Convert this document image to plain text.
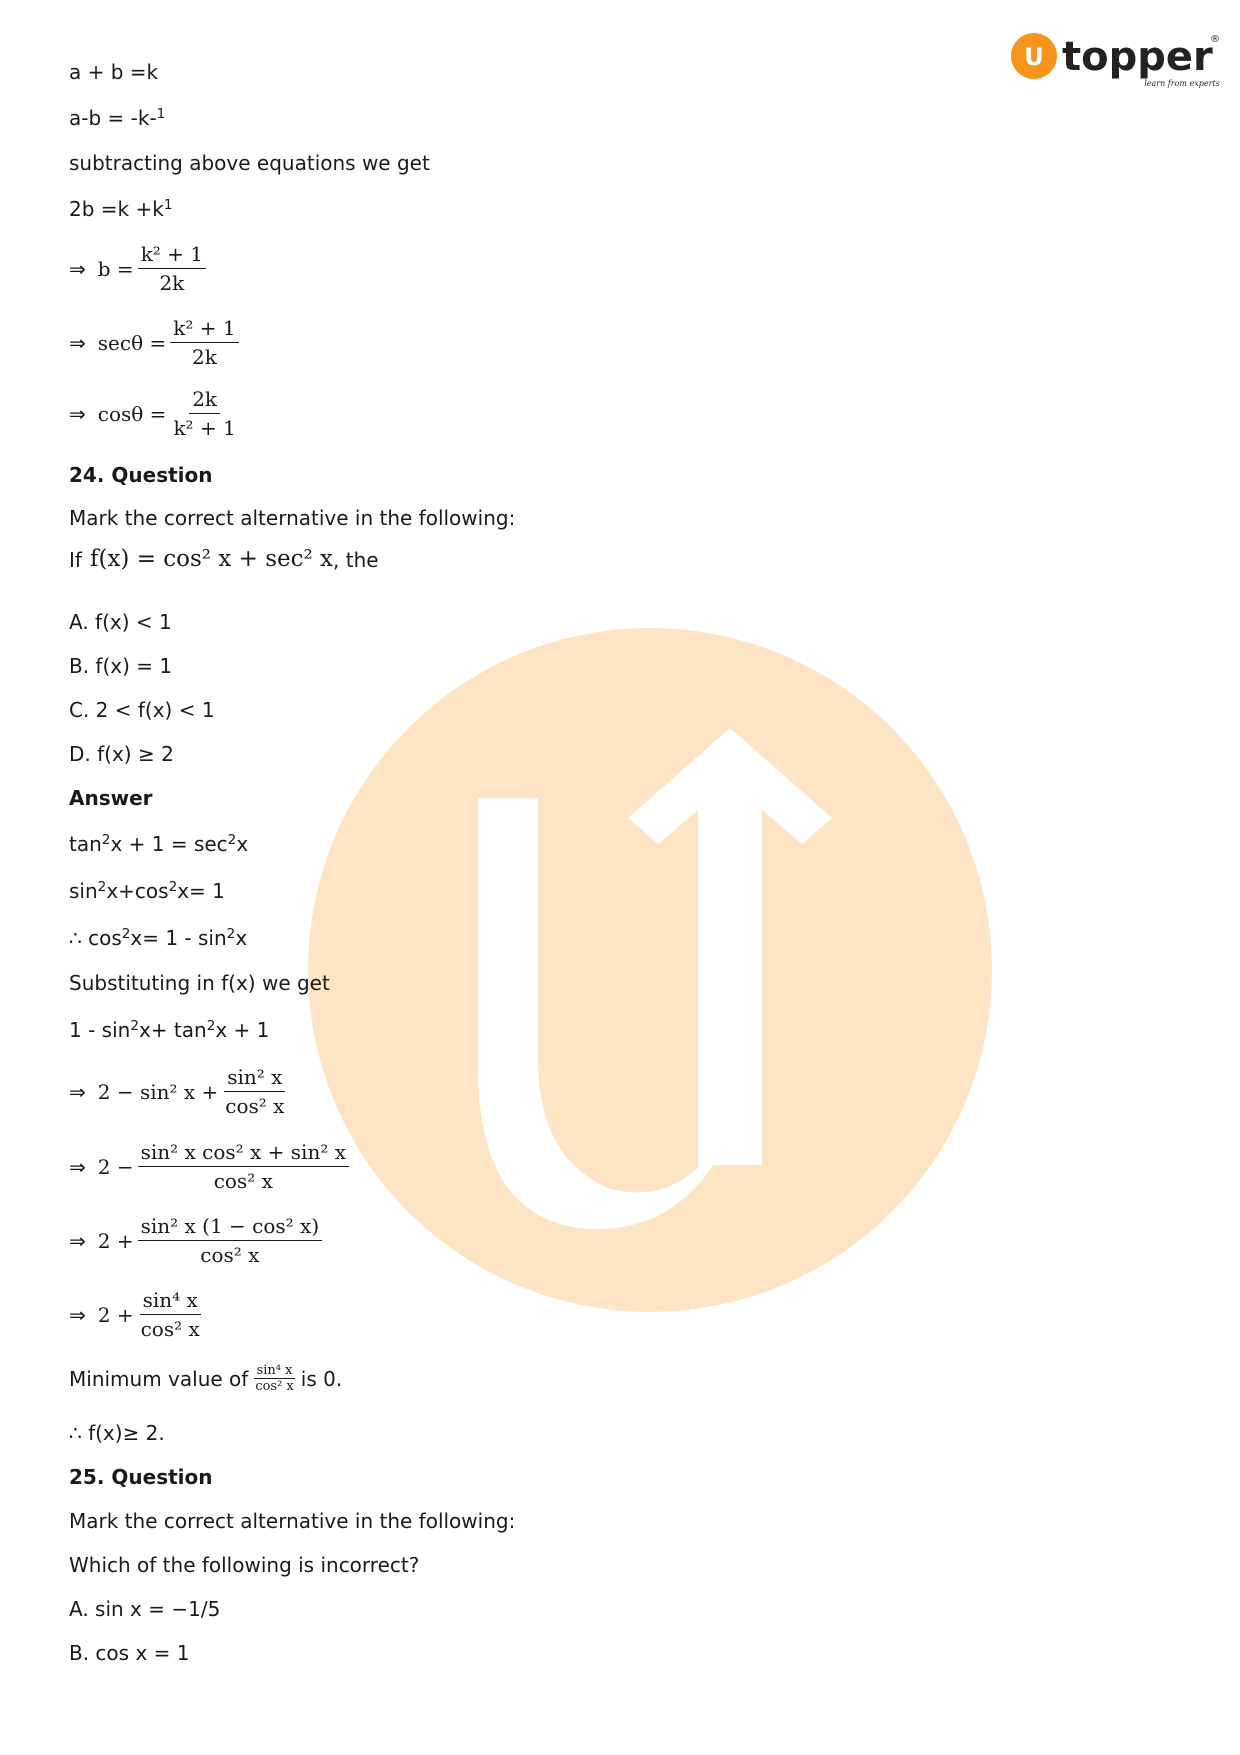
U topper
®
learn from experts
a + b =k
a-b = -k-$^1$
subtracting above equations we get
$2b =k +k^1$
⇒ $b = \frac{\text{k² + 1}}{2k}$
⇒ $\sec\theta = \frac{\text{k² + 1}}{2k}$
⇒ $\cos\theta = \frac{2k}{\text{k² + 1}}$
24. Question
Mark the correct alternative in the following:
If f(x) = cos² x + sec² x , the
A. f(x) < 1
B. f(x) = 1
C. 2 < f(x) < 1
D. f(x) ≥ 2
Answer
$\tan^2x + 1 = \sec^2x$
$\sin^2x+\cos^2x= 1$
∴ $\cos^2x= 1 - \sin^2x$
Substituting in f(x) we get
$1 - \sin^2x+ \tan^2x + 1$
⇒ 2 − sin² $x + \frac{\text{sin² x}}{\text{cos² x}}$
⇒ $2 - \frac{\text{sin² x cos² x + sin² x}}{\text{cos² x}}$
⇒ $2 + \frac{\text{sin² x (1 − cos² x)}}{\text{cos² x}}$
⇒ $2 + \frac{\text{sin⁴ x}}{\text{cos² x}}$
Minimum value of $\frac{\text{sin⁴ x}}{\text{cos² x}}$ is 0.
∴ f(x)≥ 2.
25. Question
Mark the correct alternative in the following:
Which of the following is incorrect?
A. sin x = −1/5
B. cos x = 1
